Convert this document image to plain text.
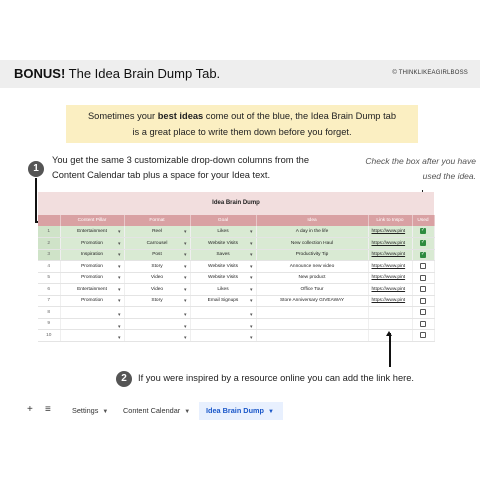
BONUS! The Idea Brain Dump Tab.	© THINKLIKEAGIRLBOSS
Sometimes your best ideas come out of the blue, the Idea Brain Dump tab
is a great place to write them down before you forget.
1
You get the same 3 customizable drop-down columns from the Content Calendar tab plus a space for your Idea text.
Check the box after you have used the idea.
Idea Brain Dump
	Content Pillar	Format	Goal	Idea	Link to Inspo	Used
1	Entertainment ▾	Reel ▾	Likes ▾	A day in the life	https://www.pint	✓
2	Promotion ▾	Carrousel ▾	Website Visits ▾	New collection Haul	https://www.pint	✓
3	Inspiration ▾	Post ▾	Saves ▾	Productivity Tip	https://www.pint	✓
4	Promotion ▾	Story ▾	Website Visits ▾	Announce new video	https://www.pint	
5	Promotion ▾	Video ▾	Website Visits ▾	New product	https://www.pint	
6	Entertainment ▾	Video ▾	Likes ▾	Office Tour	https://www.pint	
7	Promotion ▾	Story ▾	Email Signups ▾	Store Anniversary GIVEAWAY	https://www.pint	
8	▾	▾	▾			
9	▾	▾	▾			
10	▾	▾	▾			
2	If you were inspired by a resource online you can add the link here.
+ ≡	Settings ▼ Content Calendar ▼	Idea Brain Dump ▼
